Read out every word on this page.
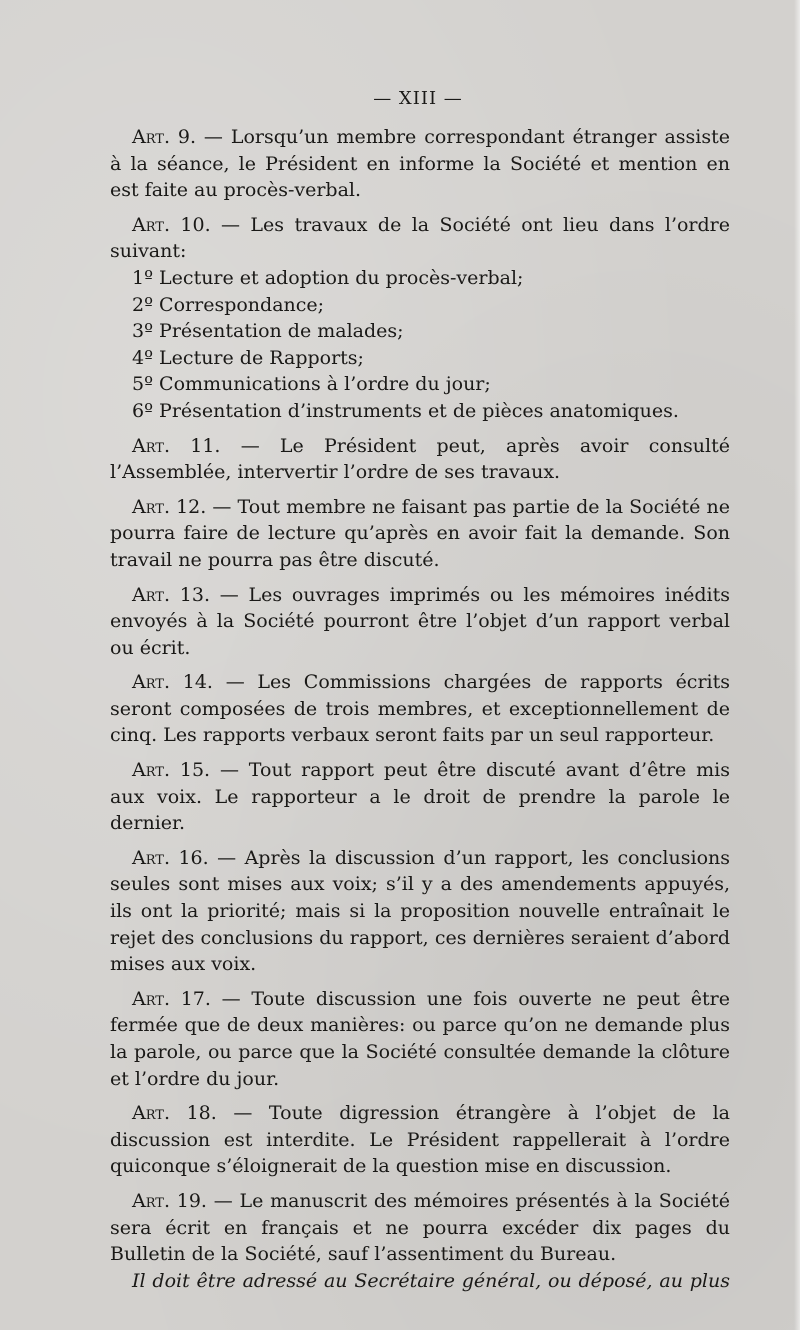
— XIII —

Art. 9. — Lorsqu’un membre correspondant étranger assiste à la séance, le Président en informe la Société et mention en est faite au procès-verbal.

Art. 10. — Les travaux de la Société ont lieu dans l’ordre suivant:

1º Lecture et adoption du procès-verbal;

2º Correspondance;

3º Présentation de malades;

4º Lecture de Rapports;

5º Communications à l’ordre du jour;

6º Présentation d’instruments et de pièces anatomiques.

Art. 11. — Le Président peut, après avoir consulté l’Assemblée, intervertir l’ordre de ses travaux.

Art. 12. — Tout membre ne faisant pas partie de la Société ne pourra faire de lecture qu’après en avoir fait la demande. Son travail ne pourra pas être discuté.

Art. 13. — Les ouvrages imprimés ou les mémoires inédits envoyés à la Société pourront être l’objet d’un rapport verbal ou écrit.

Art. 14. — Les Commissions chargées de rapports écrits seront composées de trois membres, et exceptionnellement de cinq. Les rapports verbaux seront faits par un seul rapporteur.

Art. 15. — Tout rapport peut être discuté avant d’être mis aux voix. Le rapporteur a le droit de prendre la parole le dernier.

Art. 16. — Après la discussion d’un rapport, les conclusions seules sont mises aux voix; s’il y a des amendements appuyés, ils ont la priorité; mais si la proposition nouvelle entraînait le rejet des conclusions du rapport, ces dernières seraient d’abord mises aux voix.

Art. 17. — Toute discussion une fois ouverte ne peut être fermée que de deux manières: ou parce qu’on ne demande plus la parole, ou parce que la Société consultée demande la clôture et l’ordre du jour.

Art. 18. — Toute digression étrangère à l’objet de la discussion est interdite. Le Président rappellerait à l’ordre quiconque s’éloignerait de la question mise en discussion.

Art. 19. — Le manuscrit des mémoires présentés à la Société sera écrit en français et ne pourra excéder dix pages du Bulletin de la Société, sauf l’assentiment du Bureau.

Il doit être adressé au Secrétaire général, ou déposé, au plus
